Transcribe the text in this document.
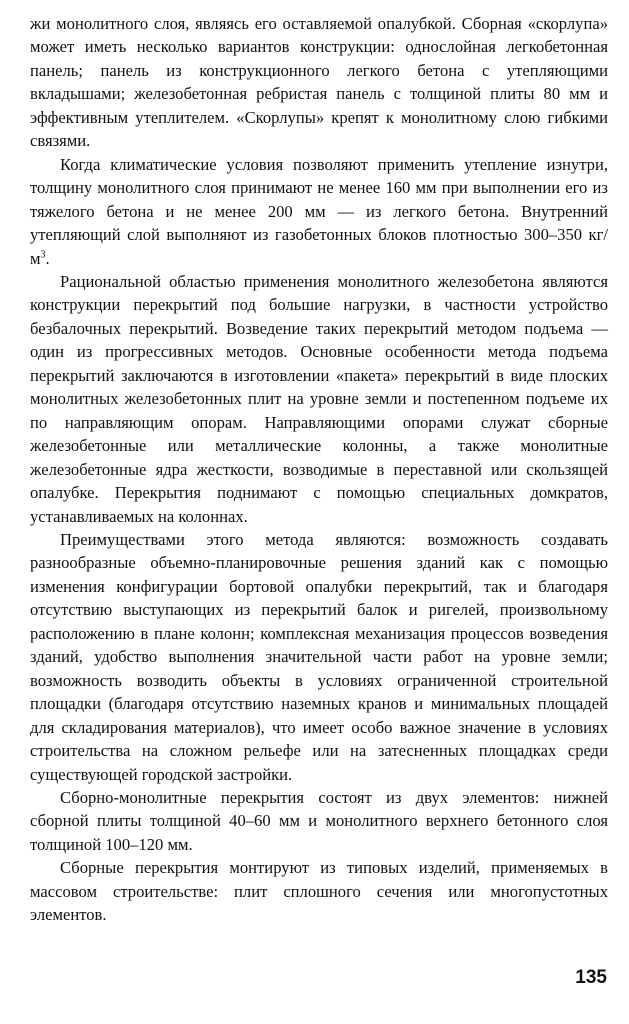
жи монолитного слоя, являясь его оставляемой опалубкой. Сборная «скорлупа» может иметь несколько вариантов конструкции: однослойная легкобетонная панель; панель из конструкционного легкого бетона с утепляющими вкладышами; железобетонная ребристая панель с толщиной плиты 80 мм и эффективным утеплителем. «Скорлупы» крепят к монолитному слою гибкими связями.

Когда климатические условия позволяют применить утепление изнутри, толщину монолитного слоя принимают не менее 160 мм при выполнении его из тяжелого бетона и не менее 200 мм — из легкого бетона. Внутренний утепляющий слой выполняют из газобетонных блоков плотностью 300–350 $кг/м^3$.

Рациональной областью применения монолитного железобетона являются конструкции перекрытий под большие нагрузки, в частности устройство безбалочных перекрытий. Возведение таких перекрытий методом подъема — один из прогрессивных методов. Основные особенности метода подъема перекрытий заключаются в изготовлении «пакета» перекрытий в виде плоских монолитных железобетонных плит на уровне земли и постепенном подъеме их по направляющим опорам. Направляющими опорами служат сборные железобетонные или металлические колонны, а также монолитные железобетонные ядра жесткости, возводимые в переставной или скользящей опалубке. Перекрытия поднимают с помощью специальных домкратов, устанавливаемых на колоннах.

Преимуществами этого метода являются: возможность создавать разнообразные объемно-планировочные решения зданий как с помощью изменения конфигурации бортовой опалубки перекрытий, так и благодаря отсутствию выступающих из перекрытий балок и ригелей, произвольному расположению в плане колонн; комплексная механизация процессов возведения зданий, удобство выполнения значительной части работ на уровне земли; возможность возводить объекты в условиях ограниченной строительной площадки (благодаря отсутствию наземных кранов и минимальных площадей для складирования материалов), что имеет особо важное значение в условиях строительства на сложном рельефе или на затесненных площадках среди существующей городской застройки.

Сборно-монолитные перекрытия состоят из двух элементов: нижней сборной плиты толщиной 40–60 мм и монолитного верхнего бетонного слоя толщиной 100–120 мм.

Сборные перекрытия монтируют из типовых изделий, применяемых в массовом строительстве: плит сплошного сечения или многопустотных элементов.

135
